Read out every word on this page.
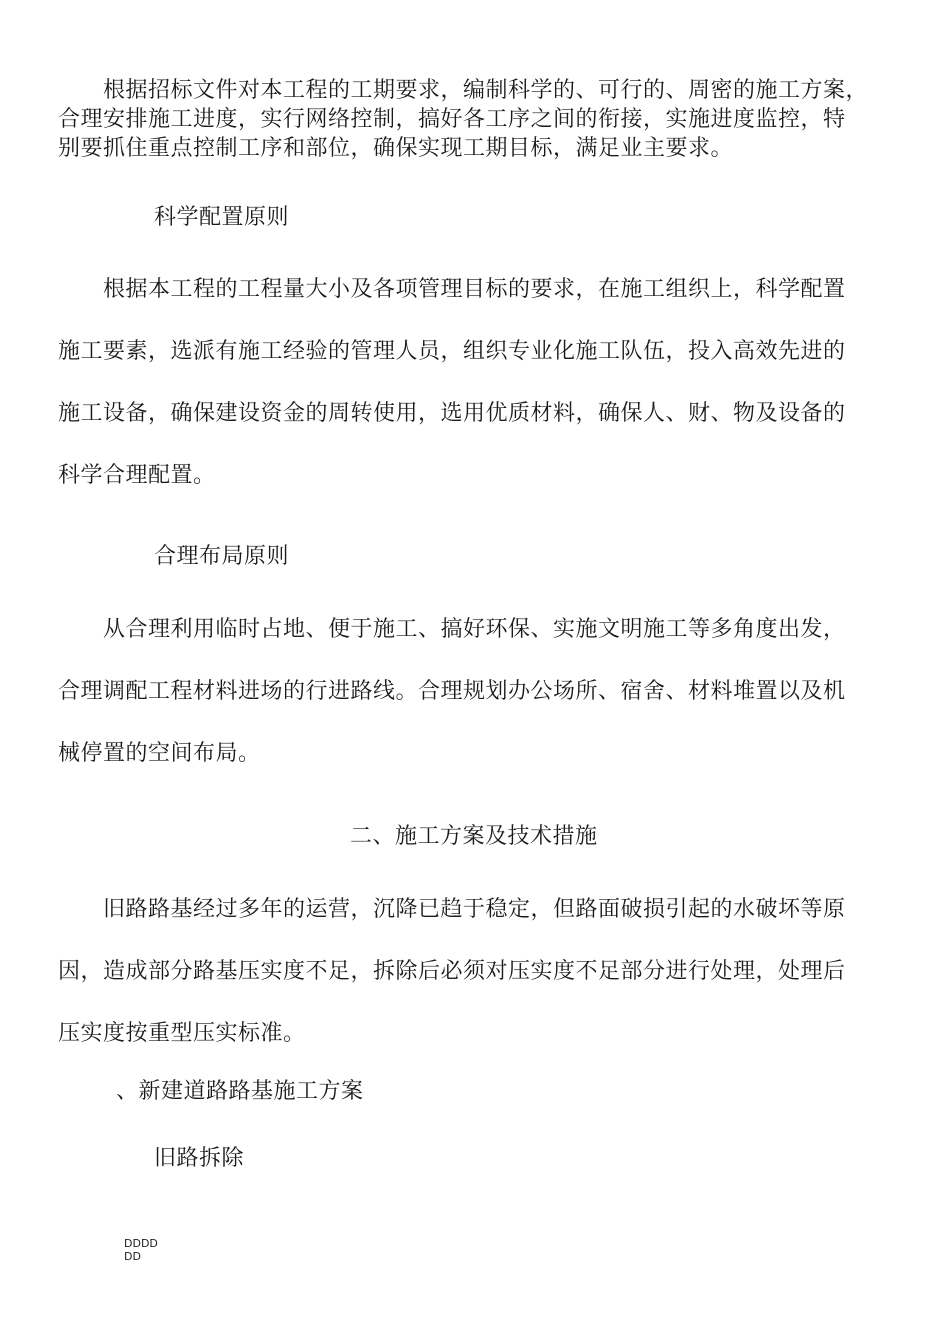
　　根据招标文件对本工程的工期要求，编制科学的、可行的、周密的施工方案，
合理安排施工进度，实行网络控制，搞好各工序之间的衔接，实施进度监控，特
别要抓住重点控制工序和部位，确保实现工期目标，满足业主要求。
科学配置原则
　　根据本工程的工程量大小及各项管理目标的要求，在施工组织上，科学配置
施工要素，选派有施工经验的管理人员，组织专业化施工队伍，投入高效先进的
施工设备，确保建设资金的周转使用，选用优质材料，确保人、财、物及设备的
科学合理配置。
合理布局原则
　　从合理利用临时占地、便于施工、搞好环保、实施文明施工等多角度出发，
合理调配工程材料进场的行进路线。合理规划办公场所、宿舍、材料堆置以及机
械停置的空间布局。
二、施工方案及技术措施
　　旧路路基经过多年的运营，沉降已趋于稳定，但路面破损引起的水破坏等原
因，造成部分路基压实度不足，拆除后必须对压实度不足部分进行处理，处理后
压实度按重型压实标准。
、新建道路路基施工方案
旧路拆除
DDDD
DD
